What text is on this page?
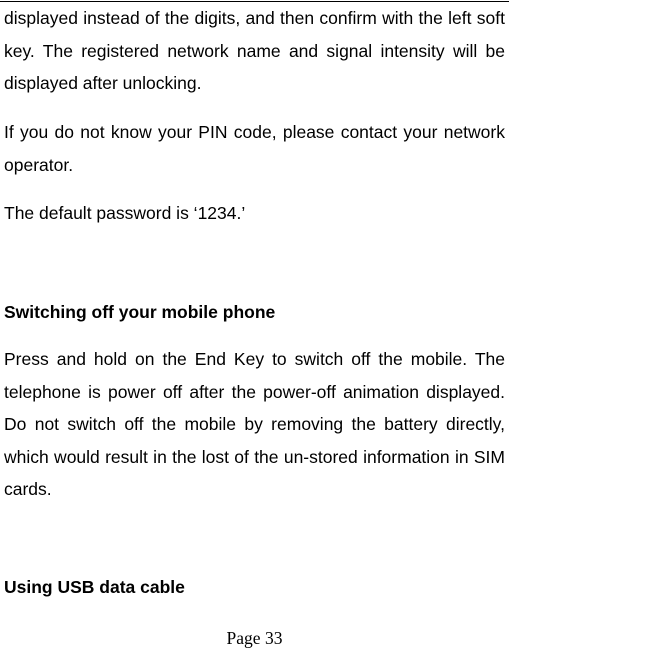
displayed instead of the digits, and then confirm with the left soft key. The registered network name and signal intensity will be displayed after unlocking.

If you do not know your PIN code, please contact your network operator.

The default password is ‘1234.’

Switching off your mobile phone

Press and hold on the End Key to switch off the mobile. The telephone is power off after the power-off animation displayed. Do not switch off the mobile by removing the battery directly, which would result in the lost of the un-stored information in SIM cards.

Using USB data cable
Page 33
